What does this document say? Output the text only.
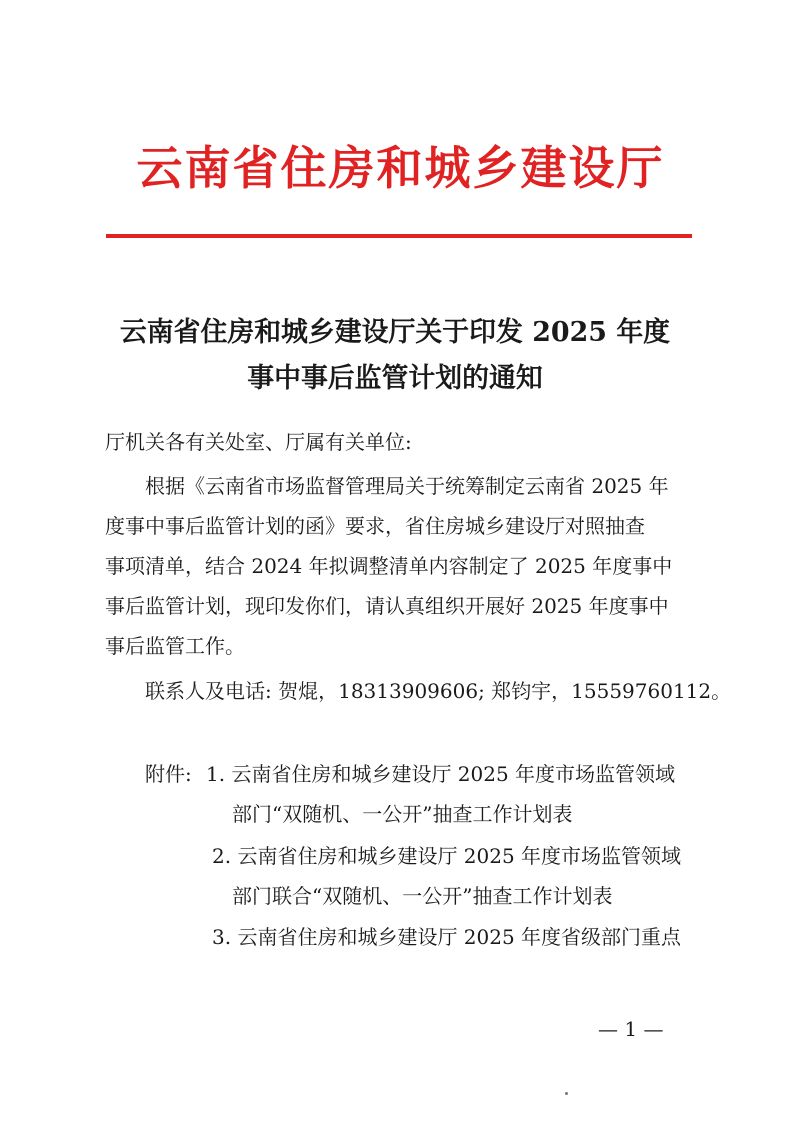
云南省住房和城乡建设厅
云南省住房和城乡建设厅关于印发 2025 年度
事中事后监管计划的通知
厅机关各有关处室、厅属有关单位:
根据《云南省市场监督管理局关于统筹制定云南省 2025 年
度事中事后监管计划的函》要求，省住房城乡建设厅对照抽查
事项清单，结合 2024 年拟调整清单内容制定了 2025 年度事中
事后监管计划，现印发你们，请认真组织开展好 2025 年度事中
事后监管工作。
联系人及电话: 贺焜，18313909606; 郑钧宇，15559760112。
附件: 1. 云南省住房和城乡建设厅 2025 年度市场监管领域
部门“双随机、一公开”抽查工作计划表
2. 云南省住房和城乡建设厅 2025 年度市场监管领域
部门联合“双随机、一公开”抽查工作计划表
3. 云南省住房和城乡建设厅 2025 年度省级部门重点
— 1 —
